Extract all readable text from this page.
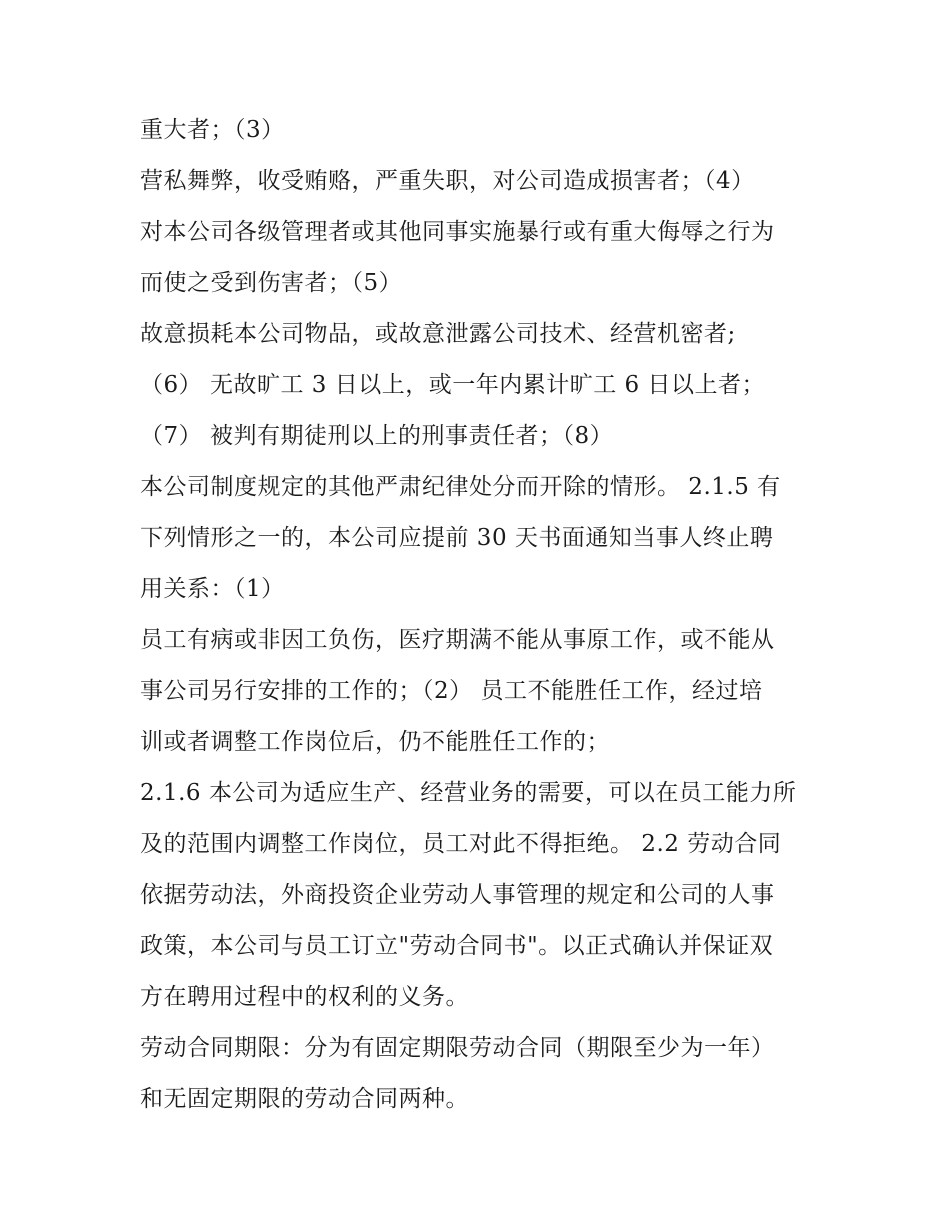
重大者；（3）
营私舞弊，收受贿赂，严重失职，对公司造成损害者；（4）
对本公司各级管理者或其他同事实施暴行或有重大侮辱之行为
而使之受到伤害者；（5）
故意损耗本公司物品，或故意泄露公司技术、经营机密者;
（6） 无故旷工 3 日以上，或一年内累计旷工 6 日以上者；
（7） 被判有期徒刑以上的刑事责任者；（8）
本公司制度规定的其他严肃纪律处分而开除的情形。 2.1.5 有
下列情形之一的，本公司应提前 30 天书面通知当事人终止聘
用关系：（1）
员工有病或非因工负伤，医疗期满不能从事原工作，或不能从
事公司另行安排的工作的；（2） 员工不能胜任工作，经过培
训或者调整工作岗位后，仍不能胜任工作的；
2.1.6 本公司为适应生产、经营业务的需要，可以在员工能力所
及的范围内调整工作岗位，员工对此不得拒绝。 2.2 劳动合同
依据劳动法，外商投资企业劳动人事管理的规定和公司的人事
政策，本公司与员工订立"劳动合同书"。以正式确认并保证双
方在聘用过程中的权利的义务。
劳动合同期限：分为有固定期限劳动合同（期限至少为一年）
和无固定期限的劳动合同两种。
